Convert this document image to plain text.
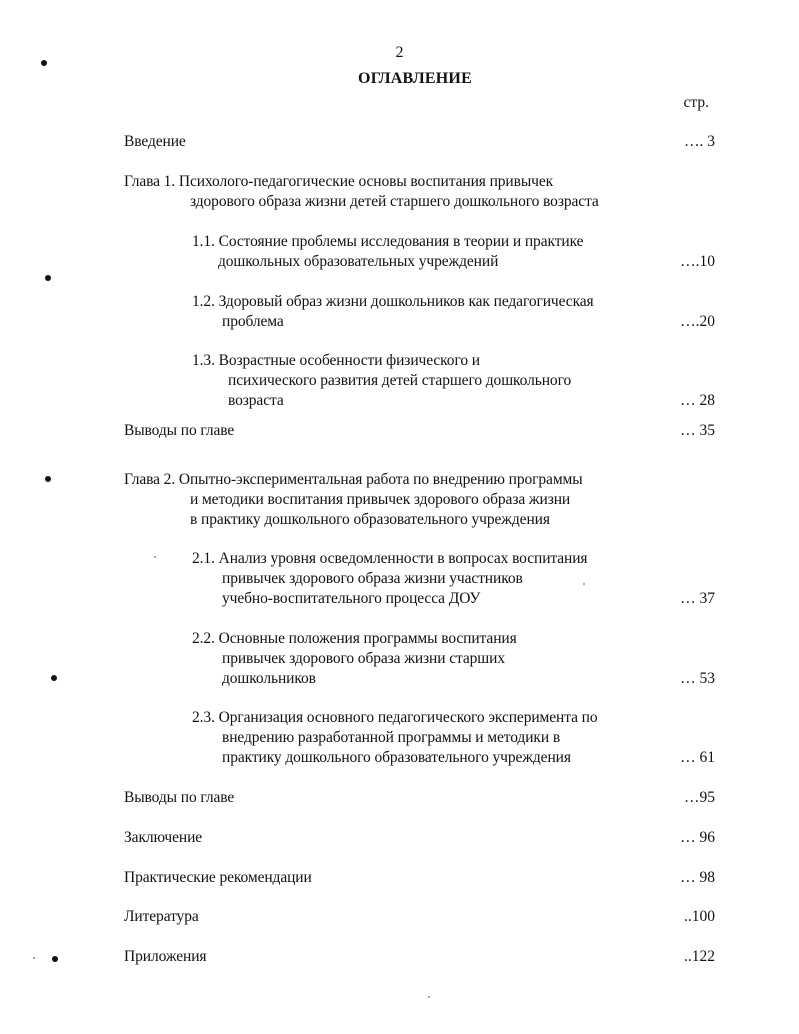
2
ОГЛАВЛЕНИЕ
стр.
Введение	…. 3
Глава 1. Психолого-педагогические основы воспитания привычек
здорового образа жизни детей старшего дошкольного возраста
1.1. Состояние проблемы исследования в теории и практике
дошкольных образовательных учреждений	….10
1.2. Здоровый образ жизни дошкольников как педагогическая
проблема	….20
1.3. Возрастные особенности физического и
психического развития детей старшего дошкольного
возраста	… 28
Выводы по главе	… 35
Глава 2. Опытно-экспериментальная работа по внедрению программы
и методики воспитания привычек здорового образа жизни
в практику дошкольного образовательного учреждения
2.1. Анализ уровня осведомленности в вопросах воспитания
привычек здорового образа жизни участников
учебно-воспитательного процесса ДОУ	… 37
2.2. Основные положения программы воспитания
привычек здорового образа жизни старших
дошкольников	… 53
2.3. Организация основного педагогического эксперимента по
внедрению разработанной программы и методики в
практику дошкольного образовательного учреждения	… 61
Выводы по главе	…95
Заключение	… 96
Практические рекомендации	… 98
Литература	..100
Приложения	..122
